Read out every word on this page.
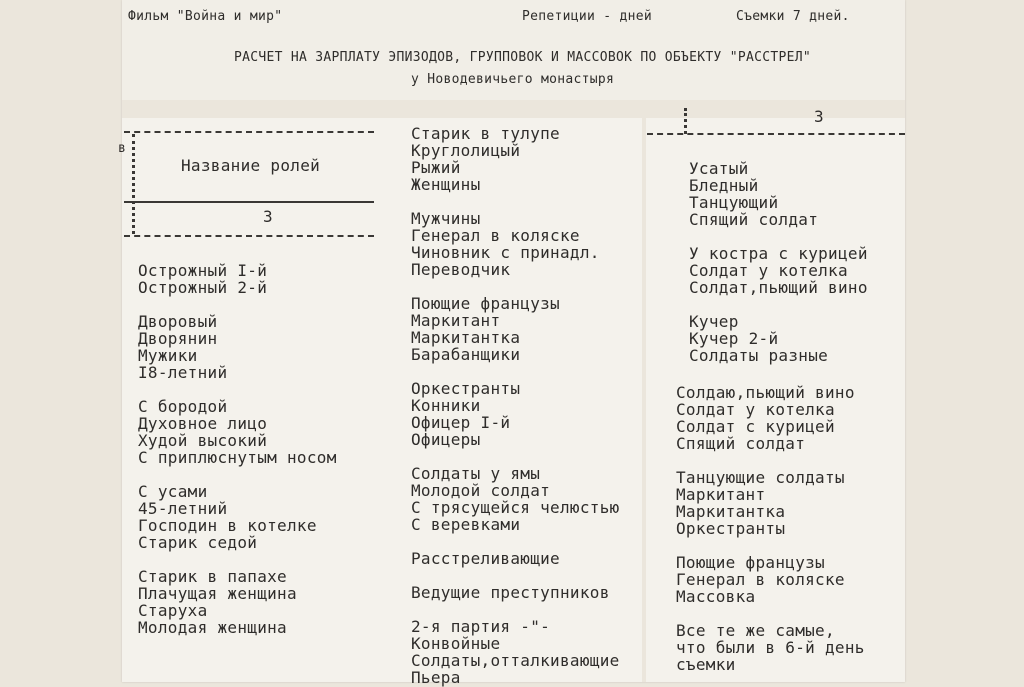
Фильм "Война и мир"	Репетиции - дней	Съемки 7 дней.
РАСЧЕТ НА ЗАРПЛАТУ ЭПИЗОДОВ, ГРУППОВОК И МАССОВОК ПО ОБЪЕКТУ "РАССТРЕЛ"
у Новодевичьего монастыря
в
Название ролей
3
3
Острожный I-й
Острожный 2-й
Дворовый
Дворянин
Мужики
I8-летний
С бородой
Духовное лицо
Худой высокий
С приплюснутым носом
С усами
45-летний
Господин в котелке
Старик седой
Старик в папахе
Плачущая женщина
Старуха
Молодая женщина
Старик в тулупе
Круглолицый
Рыжий
Женщины
Мужчины
Генерал в коляске
Чиновник с принадл.
Переводчик
Поющие французы
Маркитант
Маркитантка
Барабанщики
Оркестранты
Конники
Офицер I-й
Офицеры
Солдаты у ямы
Молодой солдат
С трясущейся челюстью
С веревками
Расстреливающие
Ведущие преступников
2-я партия -"-
Конвойные
Солдаты,отталкивающие
Пьера
Усатый
Бледный
Танцующий
Спящий солдат
У костра с курицей
Солдат у котелка
Солдат,пьющий вино
Кучер
Кучер 2-й
Солдаты разные
Солдаю,пьющий вино
Солдат у котелка
Солдат с курицей
Спящий солдат
Танцующие солдаты
Маркитант
Маркитантка
Оркестранты
Поющие французы
Генерал в коляске
Массовка
Все те же самые,
что были в 6-й день
съемки
